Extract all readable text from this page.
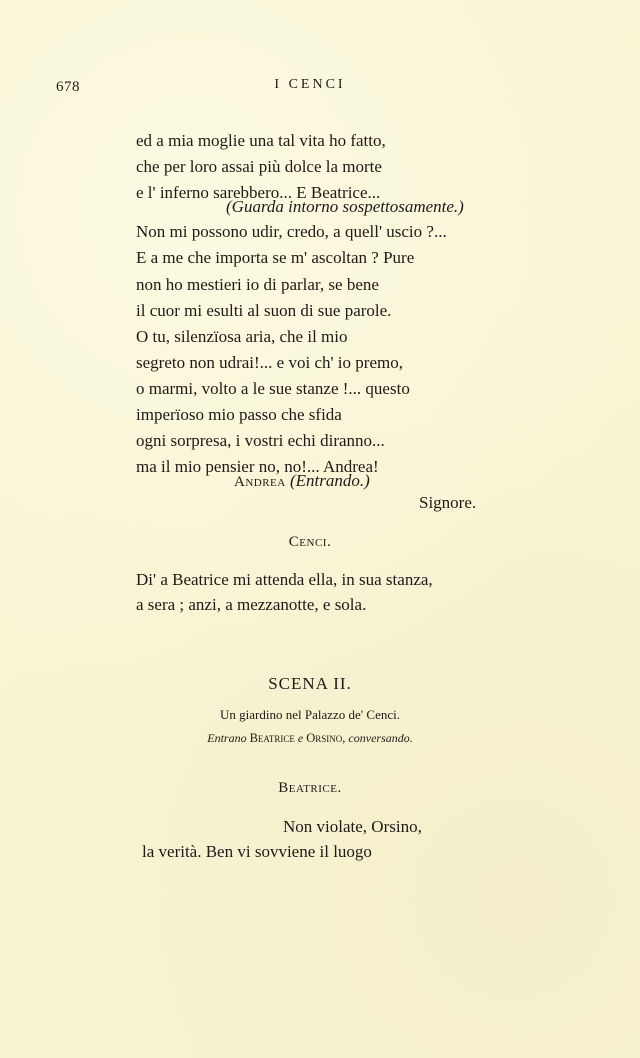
678	I CENCI
ed a mia moglie una tal vita ho fatto,
che per loro assai più dolce la morte
e l' inferno sarebbero... E Beatrice...
(Guarda intorno sospettosamente.)
Non mi possono udir, credo, a quell' uscio ?...
E a me che importa se m' ascoltan ? Pure
non ho mestieri io di parlar, se bene
il cuor mi esulti al suon di sue parole.
O tu, silenzïosa aria, che il mio
segreto non udrai!... e voi ch' io premo,
o marmi, volto a le sue stanze !... questo
imperïoso mio passo che sfida
ogni sorpresa, i vostri echi diranno...
ma il mio pensier no, no!... Andrea!
Andrea (Entrando.)
Signore.
Cenci.
Di' a Beatrice mi attenda ella, in sua stanza,
a sera ; anzi, a mezzanotte, e sola.
SCENA II.
Un giardino nel Palazzo de' Cenci.
Entrano Beatrice e Orsino, conversando.
Beatrice.
Non violate, Orsino,
la verità. Ben vi sovviene il luogo
